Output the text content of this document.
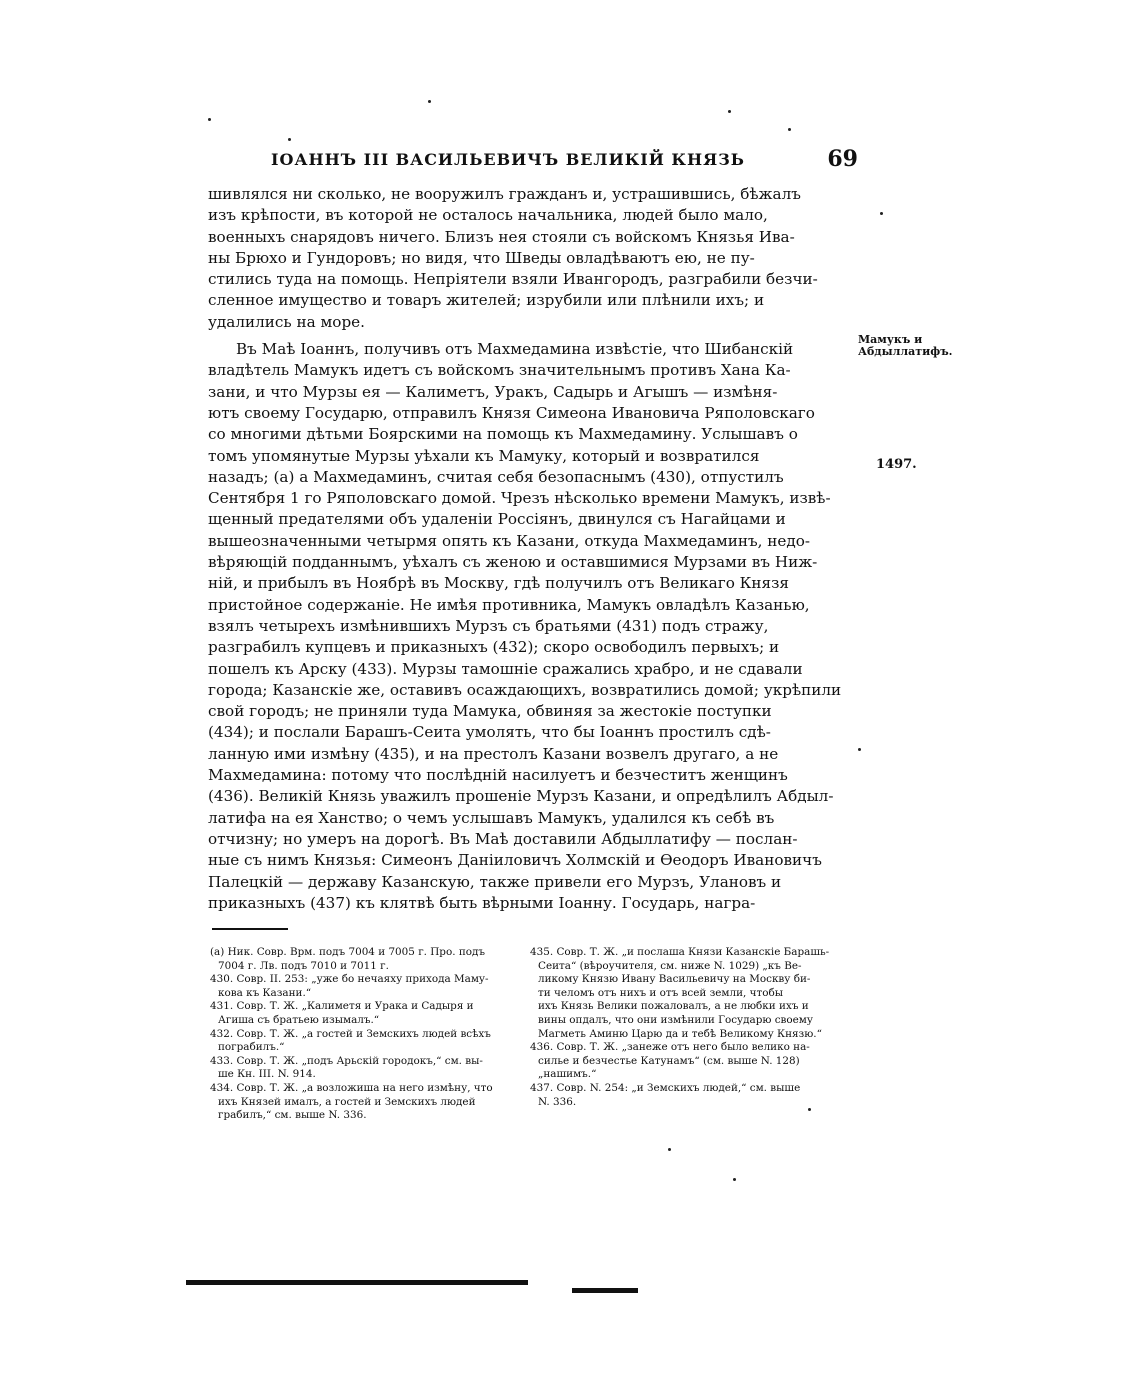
ІОАННЪ III ВАСИЛЬЕВИЧЪ ВЕЛИКІЙ КНЯЗЬ	69
шивлялся ни сколько, не вооружилъ гражданъ и, устрашившись, бѣжалъ
изъ крѣпости, въ которой не осталось начальника, людей было мало,
военныхъ снарядовъ ничего. Близъ нея стояли съ войскомъ Князья Ива-
ны Брюхо и Гундоровъ; но видя, что Шведы овладѣваютъ ею, не пу-
стились туда на помощь. Непріятели взяли Ивангородъ, разграбили безчи-
сленное имущество и товаръ жителей; изрубили или плѣнили ихъ; и
удалились на море.
Въ Маѣ Іоаннъ, получивъ отъ Махмедамина извѣстіе, что Шибанскій
владѣтель Мамукъ идетъ съ войскомъ значительнымъ противъ Хана Ка-
зани, и что Мурзы ея — Калиметъ, Уракъ, Садырь и Агышъ — измѣня-
ютъ своему Государю, отправилъ Князя Симеона Ивановича Ряполовскаго
со многими дѣтьми Боярскими на помощь къ Махмедамину. Услышавъ о
томъ упомянутые Мурзы уѣхали къ Мамуку, который и возвратился
назадъ; (а) а Махмедаминъ, считая себя безопаснымъ (430), отпустилъ
Сентября 1 го Ряполовскаго домой. Чрезъ нѣсколько времени Мамукъ, извѣ-
щенный предателями объ удаленіи Россіянъ, двинулся съ Нагайцами и
вышеозначенными четырмя опять къ Казани, откуда Махмедаминъ, недо-
вѣряющій подданнымъ, уѣхалъ съ женою и оставшимися Мурзами въ Ниж-
ній, и прибылъ въ Ноябрѣ въ Москву, гдѣ получилъ отъ Великаго Князя
пристойное содержаніе. Не имѣя противника, Мамукъ овладѣлъ Казанью,
взялъ четырехъ измѣнившихъ Мурзъ съ братьями (431) подъ стражу,
разграбилъ купцевъ и приказныхъ (432); скоро освободилъ первыхъ; и
пошелъ къ Арску (433). Мурзы тамошніе сражались храбро, и не сдавали
города; Казанскіе же, оставивъ осаждающихъ, возвратились домой; укрѣпили
свой городъ; не приняли туда Мамука, обвиняя за жестокіе поступки
(434); и послали Барашъ-Сеита умолять, что бы Іоаннъ простилъ сдѣ-
ланную ими измѣну (435), и на престолъ Казани возвелъ другаго, а не
Махмедамина: потому что послѣдній насилуетъ и безчеститъ женщинъ
(436). Великій Князь уважилъ прошеніе Мурзъ Казани, и опредѣлилъ Абдыл-
латифа на ея Ханство; о чемъ услышавъ Мамукъ, удалился къ себѣ въ
отчизну; но умеръ на дорогѣ. Въ Маѣ доставили Абдыллатифу — послан-
ные съ нимъ Князья: Симеонъ Даніиловичъ Холмскій и Ѳеодоръ Ивановичъ
Палецкій — державу Казанскую, также привели его Мурзъ, Улановъ и
приказныхъ (437) къ клятвѣ быть вѣрными Іоанну. Государь, награ-
Мамукъ и Абдыллатифъ.
1497.

(а) Ник. Совр. Врм. подъ 7004 и 7005 г. Про. подъ
7004 г. Лв. подъ 7010 и 7011 г.

430. Совр. II. 253: „уже бо нечаяху прихода Маму-
кова къ Казани.“

431. Совр. Т. Ж. „Калиметя и Урака и Садыря и
Агиша съ братьею изымалъ.“

432. Совр. Т. Ж. „а гостей и Земскихъ людей всѣхъ
пограбилъ.“

433. Совр. Т. Ж. „подъ Арьскій городокъ,“ см. вы-
ше Кн. III. N. 914.

434. Совр. Т. Ж. „а возложиша на него измѣну, что
ихъ Князей ималъ, а гостей и Земскихъ людей

грабилъ,“ см. выше N. 336.

435. Совр. Т. Ж. „и послаша Князи Казанскіе Барашь-
Сеита“ (вѣроучителя, см. ниже N. 1029) „къ Ве-

ликому Князю Ивану Васильевичу на Москву би-

ти челомъ отъ нихъ и отъ всей земли, чтобы

ихъ Князь Велики пожаловалъ, а не любки ихъ и

вины опдалъ, что они измѣнили Государю своему

Магметь Аминю Царю да и тебѣ Великому Князю.“

436. Совр. Т. Ж. „занеже отъ него было велико на-
силье и безчестье Катунамъ“ (см. выше N. 128)

„нашимъ.“

437. Совр. N. 254: „и Земскихъ людей,“ см. выше
N. 336.
